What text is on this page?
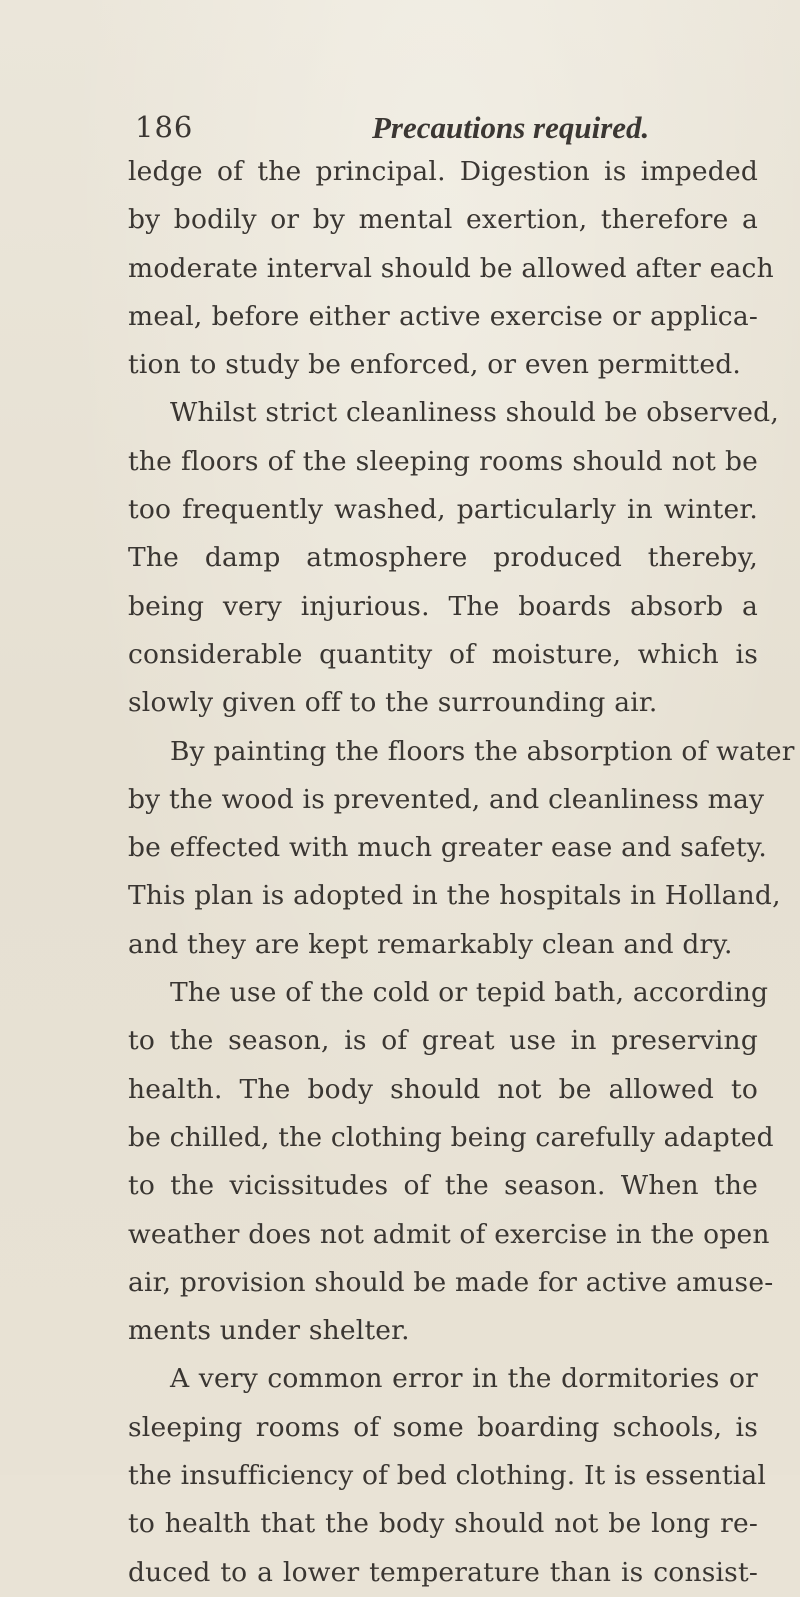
186	Precautions required.
ledge of the principal. Digestion is impeded
by bodily or by mental exertion, therefore a
moderate interval should be allowed after each
meal, before either active exercise or applica-
tion to study be enforced, or even permitted.
Whilst strict cleanliness should be observed,
the floors of the sleeping rooms should not be
too frequently washed, particularly in winter.
The damp atmosphere produced thereby,
being very injurious. The boards absorb a
considerable quantity of moisture, which is
slowly given off to the surrounding air.
By painting the floors the absorption of water
by the wood is prevented, and cleanliness may
be effected with much greater ease and safety.
This plan is adopted in the hospitals in Holland,
and they are kept remarkably clean and dry.
The use of the cold or tepid bath, according
to the season, is of great use in preserving
health. The body should not be allowed to
be chilled, the clothing being carefully adapted
to the vicissitudes of the season. When the
weather does not admit of exercise in the open
air, provision should be made for active amuse-
ments under shelter.
A very common error in the dormitories or
sleeping rooms of some boarding schools, is
the insufficiency of bed clothing. It is essential
to health that the body should not be long re-
duced to a lower temperature than is consist-
